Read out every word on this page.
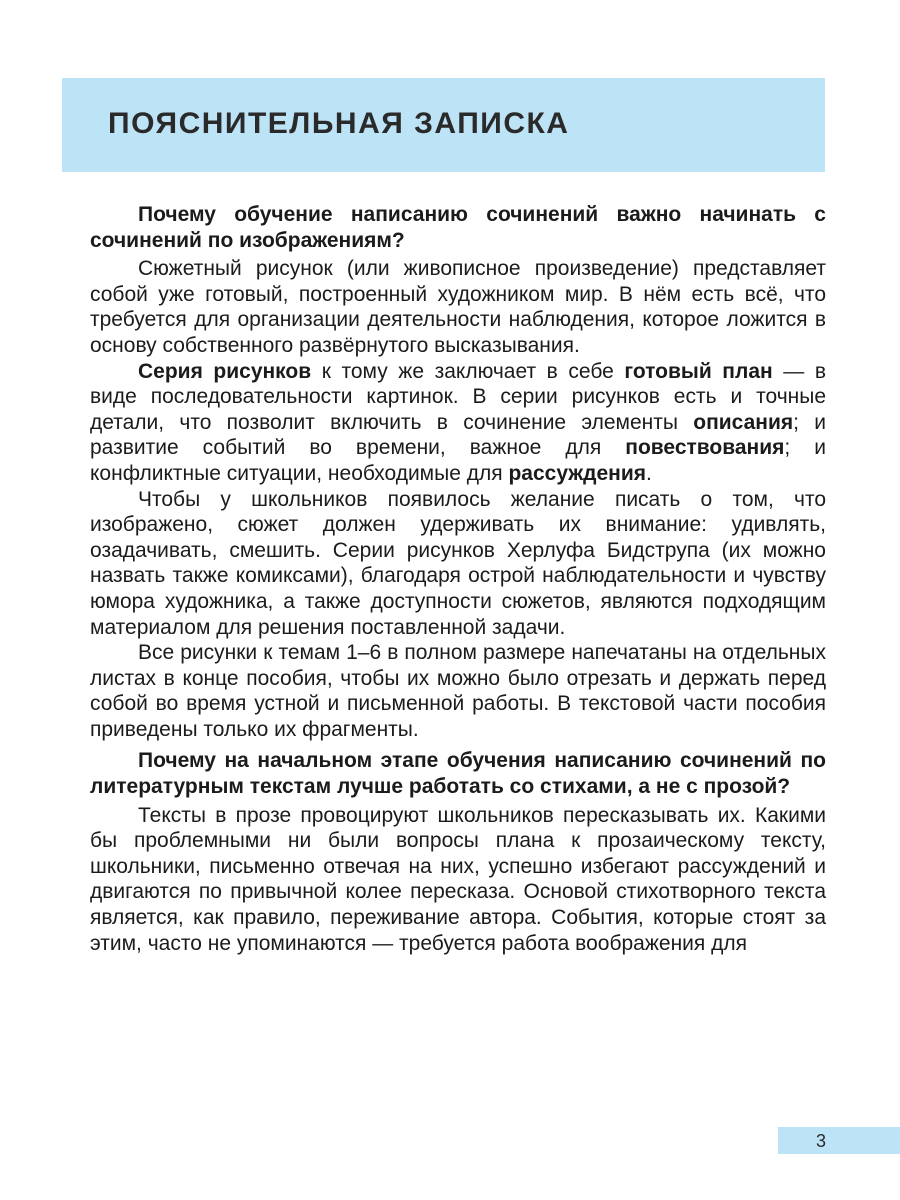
ПОЯСНИТЕЛЬНАЯ ЗАПИСКА

Почему обучение написанию сочинений важно начинать с сочинений по изображениям?

Сюжетный рисунок (или живописное произведение) представляет собой уже готовый, построенный художником мир. В нём есть всё, что требуется для организации деятельности наблюдения, которое ложится в основу собственного развёрнутого высказывания.

Серия рисунков к тому же заключает в себе готовый план — в виде последовательности картинок. В серии рисунков есть и точные детали, что позволит включить в сочинение элементы описания; и развитие событий во времени, важное для повествования; и конфликтные ситуации, необходимые для рассуждения.

Чтобы у школьников появилось желание писать о том, что изображено, сюжет должен удерживать их внимание: удивлять, озадачивать, смешить. Серии рисунков Херлуфа Бидструпа (их можно назвать также комиксами), благодаря острой наблюдательности и чувству юмора художника, а также доступности сюжетов, являются подходящим материалом для решения поставленной задачи.

Все рисунки к темам 1–6 в полном размере напечатаны на отдельных листах в конце пособия, чтобы их можно было отрезать и держать перед собой во время устной и письменной работы. В текстовой части пособия приведены только их фрагменты.

Почему на начальном этапе обучения написанию сочинений по литературным текстам лучше работать со стихами, а не с прозой?

Тексты в прозе провоцируют школьников пересказывать их. Какими бы проблемными ни были вопросы плана к прозаическому тексту, школьники, письменно отвечая на них, успешно избегают рассуждений и двигаются по привычной колее пересказа. Основой стихотворного текста является, как правило, переживание автора. События, которые стоят за этим, часто не упоминаются — требуется работа воображения для

3
